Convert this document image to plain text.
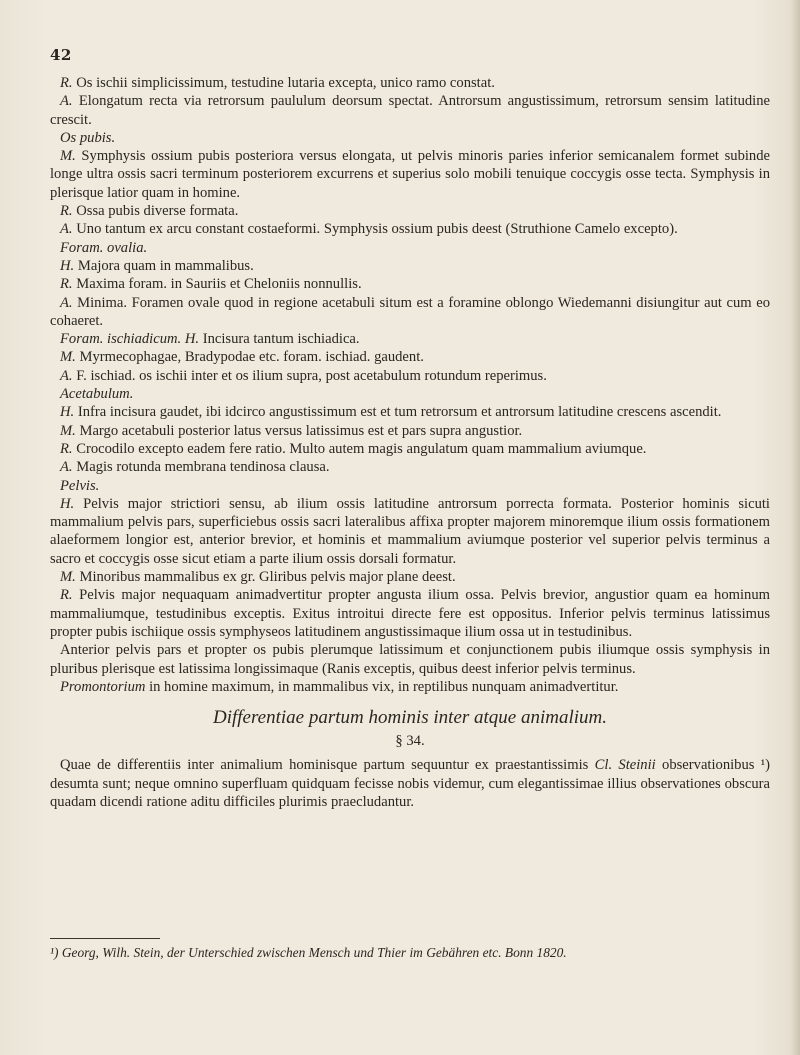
42

R. Os ischii simplicissimum, testudine lutaria excepta, unico ramo constat.

A. Elongatum recta via retrorsum paululum deorsum spectat. Antrorsum angustissimum, retrorsum sensim latitudine crescit.

Os pubis.

M. Symphysis ossium pubis posteriora versus elongata, ut pelvis minoris paries inferior semicanalem formet subinde longe ultra ossis sacri terminum posteriorem excurrens et superius solo mobili tenuique coccygis osse tecta. Symphysis in plerisque latior quam in homine.

R. Ossa pubis diverse formata.

A. Uno tantum ex arcu constant costaeformi. Symphysis ossium pubis deest (Struthione Camelo excepto).

Foram. ovalia.

H. Majora quam in mammalibus.

R. Maxima foram. in Sauriis et Cheloniis nonnullis.

A. Minima. Foramen ovale quod in regione acetabuli situm est a foramine oblongo Wiedemanni disiungitur aut cum eo cohaeret.

Foram. ischiadicum. H. Incisura tantum ischiadica.

M. Myrmecophagae, Bradypodae etc. foram. ischiad. gaudent.

A. F. ischiad. os ischii inter et os ilium supra, post acetabulum rotundum reperimus.

Acetabulum.

H. Infra incisura gaudet, ibi idcirco angustissimum est et tum retrorsum et antrorsum latitudine crescens ascendit.

M. Margo acetabuli posterior latus versus latissimus est et pars supra angustior.

R. Crocodilo excepto eadem fere ratio. Multo autem magis angulatum quam mammalium aviumque.

A. Magis rotunda membrana tendinosa clausa.

Pelvis.

H. Pelvis major strictiori sensu, ab ilium ossis latitudine antrorsum porrecta formata. Posterior hominis sicuti mammalium pelvis pars, superficiebus ossis sacri lateralibus affixa propter majorem minoremque ilium ossis formationem alaeformem longior est, anterior brevior, et hominis et mammalium aviumque posterior vel superior pelvis terminus a sacro et coccygis osse sicut etiam a parte ilium ossis dorsali formatur.

M. Minoribus mammalibus ex gr. Gliribus pelvis major plane deest.

R. Pelvis major nequaquam animadvertitur propter angusta ilium ossa. Pelvis brevior, angustior quam ea hominum mammaliumque, testudinibus exceptis. Exitus introitui directe fere est oppositus. Inferior pelvis terminus latissimus propter pubis ischiique ossis symphyseos latitudinem angustissimaque ilium ossa ut in testudinibus.

Anterior pelvis pars et propter os pubis plerumque latissimum et conjunctionem pubis iliumque ossis symphysis in pluribus plerisque est latissima longissimaque (Ranis exceptis, quibus deest inferior pelvis terminus.

Promontorium in homine maximum, in mammalibus vix, in reptilibus nunquam animadvertitur.

Differentiae partum hominis inter atque animalium.
§ 34.

Quae de differentiis inter animalium hominisque partum sequuntur ex praestantissimis Cl. Steinii observationibus ¹) desumta sunt; neque omnino superfluam quidquam fecisse nobis videmur, cum elegantissimae illius observationes obscura quadam dicendi ratione aditu difficiles plurimis praecludantur.

¹) Georg, Wilh. Stein, der Unterschied zwischen Mensch und Thier im Gebähren etc. Bonn 1820.
